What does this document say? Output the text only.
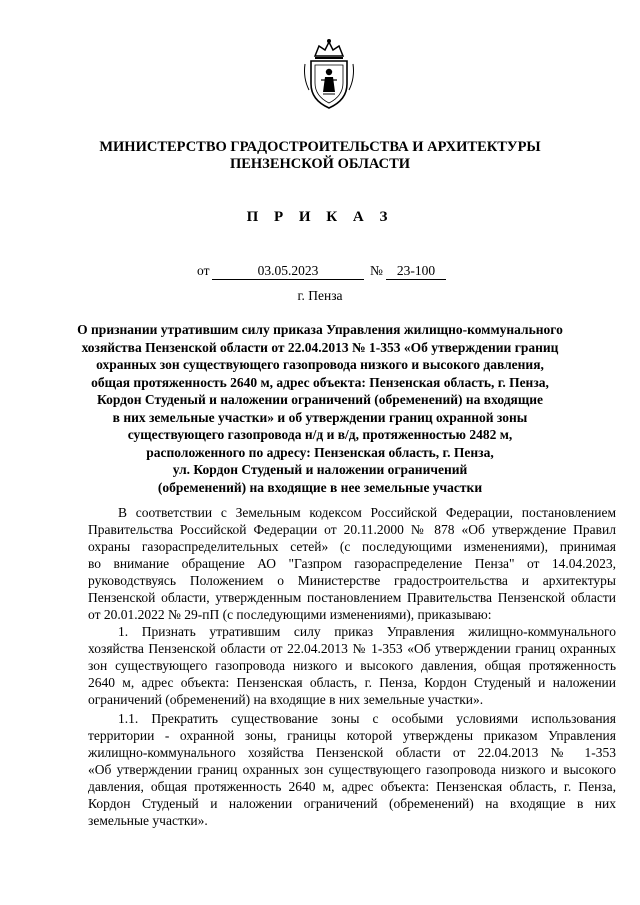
МИНИСТЕРСТВО ГРАДОСТРОИТЕЛЬСТВА И АРХИТЕКТУРЫ
ПЕНЗЕНСКОЙ ОБЛАСТИ
П Р И К А З
от	03.05.2023	№	23-100
г. Пенза
О признании утратившим силу приказа Управления жилищно-коммунального
хозяйства Пензенской области от 22.04.2013 № 1-353 «Об утверждении границ
охранных зон существующего газопровода низкого и высокого давления,
общая протяженность 2640 м, адрес объекта: Пензенская область, г. Пенза,
Кордон Студеный и наложении ограничений (обременений) на входящие
в них земельные участки» и об утверждении границ охранной зоны
существующего газопровода н/д и в/д, протяженностью 2482 м,
расположенного по адресу: Пензенская область, г. Пенза,
ул. Кордон Студеный и наложении ограничений
(обременений) на входящие в нее земельные участки
В соответствии с Земельным кодексом Российской Федерации, постановлением
Правительства Российской Федерации от 20.11.2000 № 878 «Об утверждение Правил
охраны газораспределительных сетей» (с последующими изменениями), принимая
во внимание обращение АО "Газпром газораспределение Пенза" от 14.04.2023,
руководствуясь Положением о Министерстве градостроительства и архитектуры
Пензенской области, утвержденным постановлением Правительства Пензенской области
от 20.01.2022 № 29-пП (с последующими изменениями), приказываю:
1. Признать утратившим силу приказ Управления жилищно-коммунального
хозяйства Пензенской области от 22.04.2013 № 1-353 «Об утверждении границ охранных
зон существующего газопровода низкого и высокого давления, общая протяженность
2640 м, адрес объекта: Пензенская область, г. Пенза, Кордон Студеный и наложении
ограничений (обременений) на входящие в них земельные участки».
1.1. Прекратить существование зоны с особыми условиями использования
территории - охранной зоны, границы которой утверждены приказом Управления
жилищно-коммунального хозяйства Пензенской области от 22.04.2013 № 1-353
«Об утверждении границ охранных зон существующего газопровода низкого и высокого
давления, общая протяженность 2640 м, адрес объекта: Пензенская область, г. Пенза,
Кордон Студеный и наложении ограничений (обременений) на входящие в них
земельные участки».
